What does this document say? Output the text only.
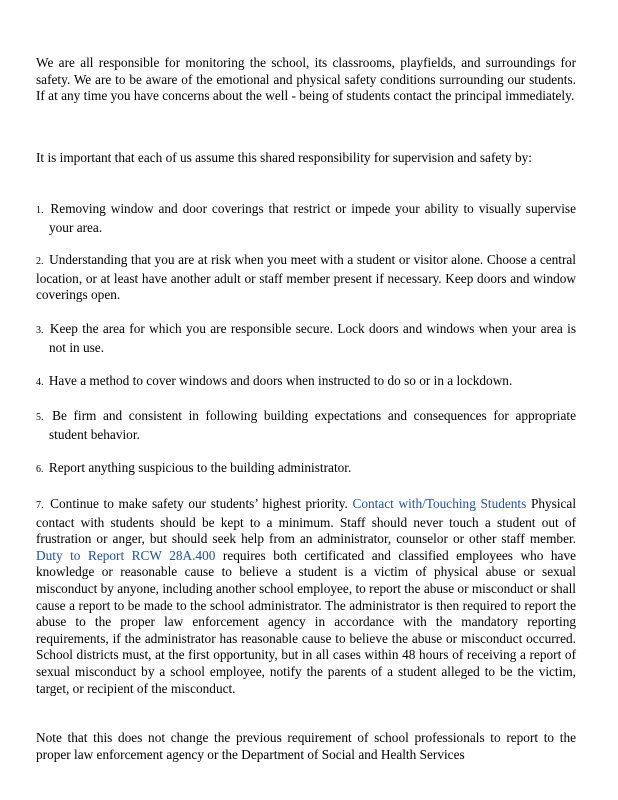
We are all responsible for monitoring the school, its classrooms, playfields, and surroundings for safety. We are to be aware of the emotional and physical safety conditions surrounding our students. If at any time you have concerns about the well - being of students contact the principal immediately.

It is important that each of us assume this shared responsibility for supervision and safety by:

1. Removing window and door coverings that restrict or impede your ability to visually supervise your area.

2. Understanding that you are at risk when you meet with a student or visitor alone. Choose a central location, or at least have another adult or staff member present if necessary. Keep doors and window coverings open.

3. Keep the area for which you are responsible secure. Lock doors and windows when your area is not in use.

4. Have a method to cover windows and doors when instructed to do so or in a lockdown.

5. Be firm and consistent in following building expectations and consequences for appropriate student behavior.

6. Report anything suspicious to the building administrator.

7. Continue to make safety our students’ highest priority. Contact with/Touching Students Physical contact with students should be kept to a minimum. Staff should never touch a student out of frustration or anger, but should seek help from an administrator, counselor or other staff member. Duty to Report RCW 28A.400 requires both certificated and classified employees who have knowledge or reasonable cause to believe a student is a victim of physical abuse or sexual misconduct by anyone, including another school employee, to report the abuse or misconduct or shall cause a report to be made to the school administrator. The administrator is then required to report the abuse to the proper law enforcement agency in accordance with the mandatory reporting requirements, if the administrator has reasonable cause to believe the abuse or misconduct occurred. School districts must, at the first opportunity, but in all cases within 48 hours of receiving a report of sexual misconduct by a school employee, notify the parents of a student alleged to be the victim, target, or recipient of the misconduct.

Note that this does not change the previous requirement of school professionals to report to the proper law enforcement agency or the Department of Social and Health Services
